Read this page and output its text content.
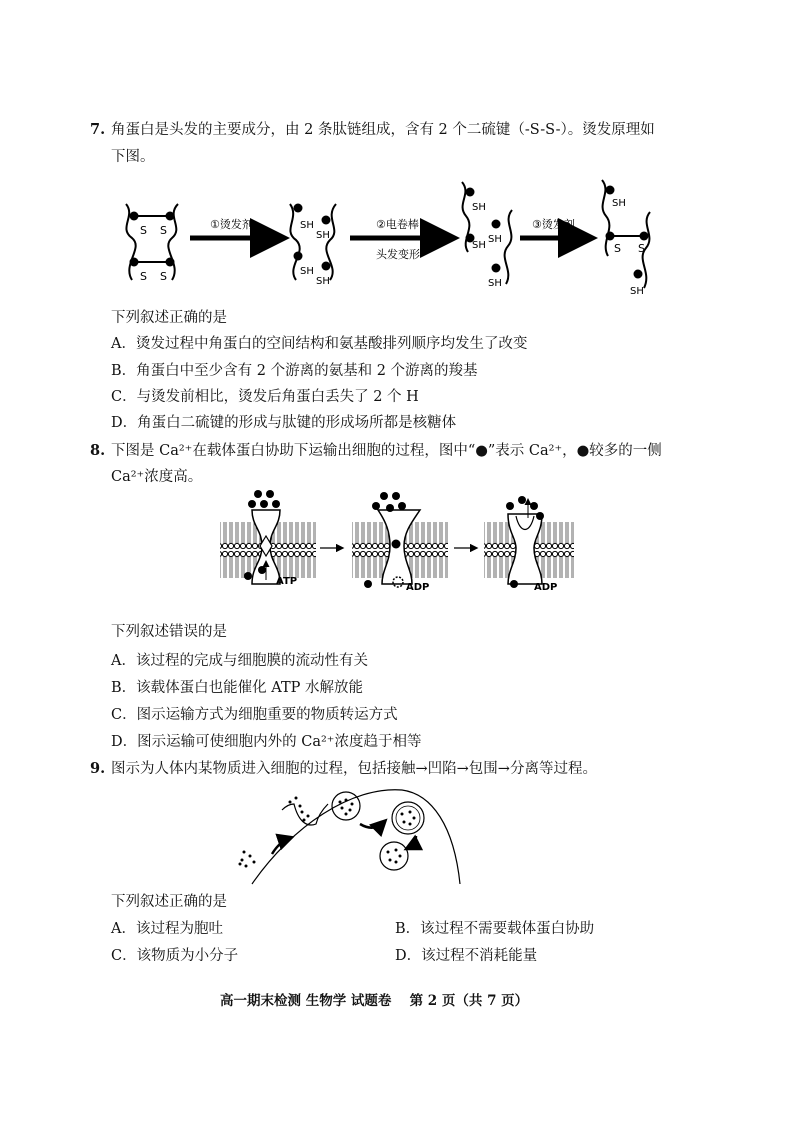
7. 角蛋白是头发的主要成分，由 2 条肽链组成，含有 2 个二硫键（-S-S-）。烫发原理如
下图。
S S
S S
①烫发剂	SH
SH
SH
SH
②电卷棒
头发变形
SH
SH
SH
SH
③烫发剂
SH
S S
SH
下列叙述正确的是
A．烫发过程中角蛋白的空间结构和氨基酸排列顺序均发生了改变
B．角蛋白中至少含有 2 个游离的氨基和 2 个游离的羧基
C．与烫发前相比，烫发后角蛋白丢失了 2 个 H
D．角蛋白二硫键的形成与肽键的形成场所都是核糖体
8. 下图是 Ca²⁺在载体蛋白协助下运输出细胞的过程，图中“●”表示 Ca²⁺，●较多的一侧
Ca²⁺浓度高。
ATP
ADP	ADP
下列叙述错误的是
A．该过程的完成与细胞膜的流动性有关
B．该载体蛋白也能催化 ATP 水解放能
C．图示运输方式为细胞重要的物质转运方式
D．图示运输可使细胞内外的 Ca²⁺浓度趋于相等
9. 图示为人体内某物质进入细胞的过程，包括接触→凹陷→包围→分离等过程。
下列叙述正确的是
A．该过程为胞吐	B．该过程不需要载体蛋白协助
C．该物质为小分子	D．该过程不消耗能量
高一期末检测 生物学 试题卷　 第 2 页（共 7 页）
